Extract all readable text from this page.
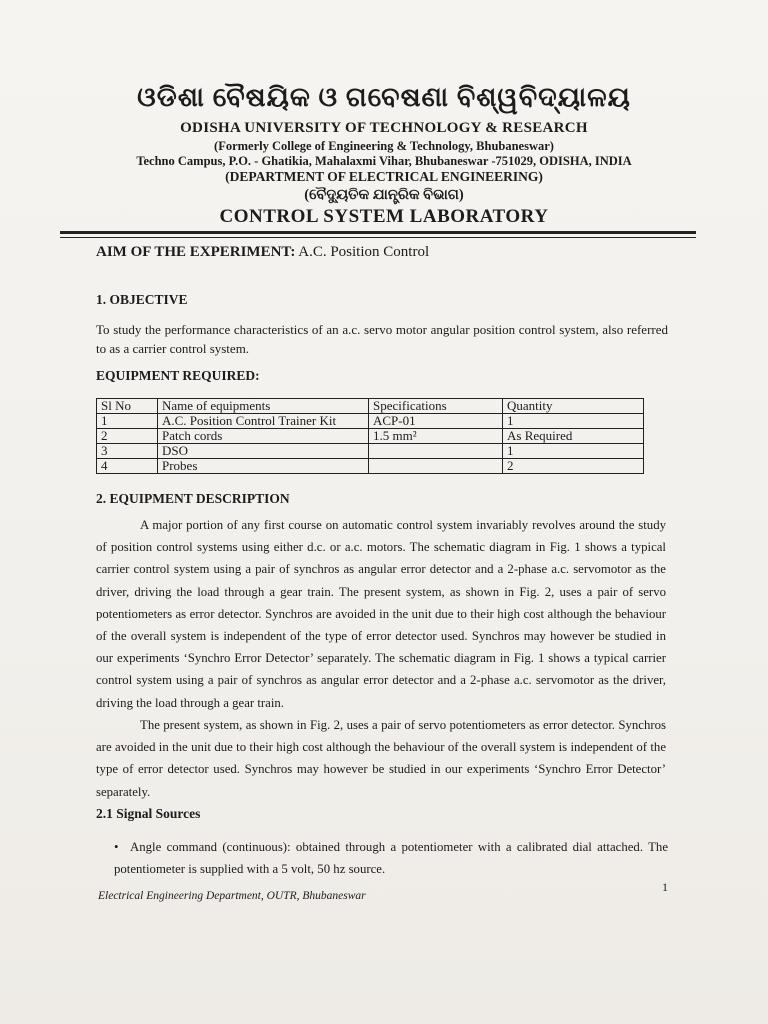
ଓଡିଶା ବୈଷୟିକ ଓ ଗବେଷଣା ବିଶ୍ୱବିଦ୍ୟାଳୟ
ODISHA UNIVERSITY OF TECHNOLOGY & RESEARCH
(Formerly College of Engineering & Technology, Bhubaneswar)
Techno Campus, P.O. - Ghatikia, Mahalaxmi Vihar, Bhubaneswar -751029, ODISHA, INDIA
(DEPARTMENT OF ELECTRICAL ENGINEERING)
(ବୈଦ୍ୟୁତିକ ଯାନ୍ତ୍ରିକ ବିଭାଗ)
CONTROL SYSTEM LABORATORY
AIM OF THE EXPERIMENT: A.C. Position Control
1. OBJECTIVE
To study the performance characteristics of an a.c. servo motor angular position control system, also referred to as a carrier control system.
EQUIPMENT REQUIRED:
Sl No	Name of equipments	Specifications	Quantity
1	A.C. Position Control Trainer Kit	ACP-01	1
2	Patch cords	1.5 mm²	As Required
3	DSO		1
4	Probes		2
2. EQUIPMENT DESCRIPTION
A major portion of any first course on automatic control system invariably revolves around the study of position control systems using either d.c. or a.c. motors. The schematic diagram in Fig. 1 shows a typical carrier control system using a pair of synchros as angular error detector and a 2-phase a.c. servomotor as the driver, driving the load through a gear train. The present system, as shown in Fig. 2, uses a pair of servo potentiometers as error detector. Synchros are avoided in the unit due to their high cost although the behaviour of the overall system is independent of the type of error detector used. Synchros may however be studied in our experiments ‘Synchro Error Detector’ separately. The schematic diagram in Fig. 1 shows a typical carrier control system using a pair of synchros as angular error detector and a 2-phase a.c. servomotor as the driver, driving the load through a gear train.
The present system, as shown in Fig. 2, uses a pair of servo potentiometers as error detector. Synchros are avoided in the unit due to their high cost although the behaviour of the overall system is independent of the type of error detector used. Synchros may however be studied in our experiments ‘Synchro Error Detector’ separately.
2.1 Signal Sources
• Angle command (continuous): obtained through a potentiometer with a calibrated dial attached. The potentiometer is supplied with a 5 volt, 50 hz source.
1
Electrical Engineering Department, OUTR, Bhubaneswar
